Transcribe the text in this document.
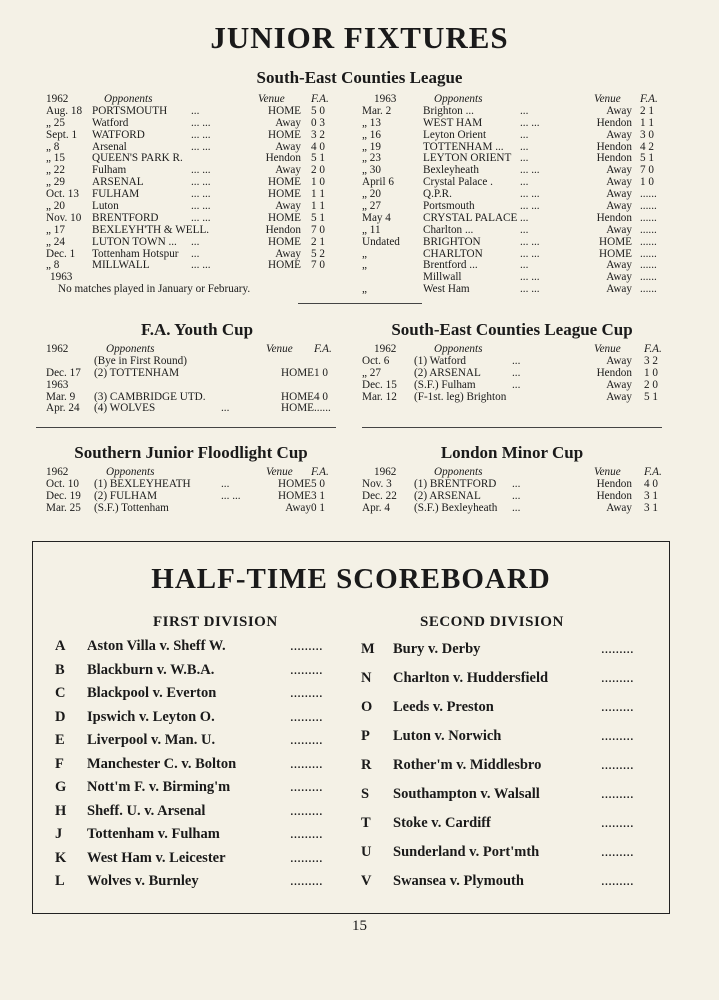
JUNIOR FIXTURES
South-East Counties League
1962	Opponents	Venue F.A.
Aug. 18 PORTSMOUTH ...	HOME 5 0
„ 25 Watford	... ...	Away 0 3
Sept. 1 WATFORD	... ...	HOME 3 2
„ 8	Arsenal	... ...	Away 4 0
„ 15 QUEEN'S PARK R.	Hendon 5 1
„ 22 Fulham	... ...	Away 2 0
„ 29 ARSENAL	... ...	HOME 1 0
Oct. 13 FULHAM	... ...	HOME 1 1
„ 20 Luton	... ...	Away 1 1
Nov. 10 BRENTFORD	... ...	HOME 5 1
„ 17 BEXLEYH'TH & WELL.	Hendon 7 0
„ 24 LUTON TOWN ... ...	HOME 2 1
Dec. 1 Tottenham Hotspur ...	Away 5 2
„ 8	MILLWALL	... ...	HOME 7 0
1963
No matches played in January or February.
1963	Opponents	Venue F.A.
Mar. 2	Brighton ...	...	Away 2 1
„ 13	WEST HAM	... ...	Hendon 1 1
„ 16	Leyton Orient	...	Away 3 0
„ 19	TOTTENHAM ... ...	Hendon 4 2
„ 23	LEYTON ORIENT ...	Hendon 5 1
„ 30	Bexleyheath	... ...	Away 7 0
April 6	Crystal Palace . ...	Away 1 0
„ 20	Q.P.R.	... ...	Away ......
„ 27	Portsmouth	... ...	Away ......
May 4	CRYSTAL PALACE ...	Hendon ......
„ 11	Charlton ...	...	Away ......
Undated BRIGHTON	... ...	HOME ......
„	CHARLTON	... ...	HOME ......
„	Brentford ...	...	Away ......
Millwall	... ...	Away ......
„	West Ham	... ...	Away ......
F.A. Youth Cup
1962	Opponents	Venue F.A.
(Bye in First Round)
Dec. 17 (2) TOTTENHAM	HOME 1 0
1963
Mar. 9 (3) CAMBRIDGE UTD.	HOME 4 0
Apr. 24 (4) WOLVES	...	HOME ......
South-East Counties League Cup
1962	Opponents	Venue F.A.
Oct. 6 (1) Watford	...	Away 3 2
„ 27	(2) ARSENAL	...	Hendon 1 0
Dec. 15 (S.F.) Fulham	...	Away 2 0
Mar. 12 (F-1st. leg) Brighton	Away 5 1
Southern Junior Floodlight Cup
1962	Opponents	Venue F.A.
Oct. 10 (1) BEXLEYHEATH	...	HOME 5 0
Dec. 19 (2) FULHAM	... ...	HOME 3 1
Mar. 25 (S.F.) Tottenham	Away 0 1
London Minor Cup
1962	Opponents	Venue F.A.
Nov. 3 (1) BRENTFORD ...	Hendon 4 0
Dec. 22 (2) ARSENAL	...	Hendon 3 1
Apr. 4 (S.F.) Bexleyheath ...	Away 3 1
HALF-TIME SCOREBOARD
FIRST DIVISION	SECOND DIVISION
A Aston Villa v. Sheff W.	.........
B Blackburn v. W.B.A.	.........
C Blackpool v. Everton	.........
D Ipswich v. Leyton O.	.........
E Liverpool v. Man. U.	.........
F Manchester C. v. Bolton	.........
G Nott'm F. v. Birming'm	.........
H Sheff. U. v. Arsenal	.........
J Tottenham v. Fulham	.........
K West Ham v. Leicester	.........
L Wolves v. Burnley	.........
M Bury v. Derby	.........
N Charlton v. Huddersfield	.........
O Leeds v. Preston	.........
P Luton v. Norwich	.........
R Rother'm v. Middlesbro	.........
S Southampton v. Walsall	.........
T Stoke v. Cardiff	.........
U Sunderland v. Port'mth	.........
V Swansea v. Plymouth	.........
15
